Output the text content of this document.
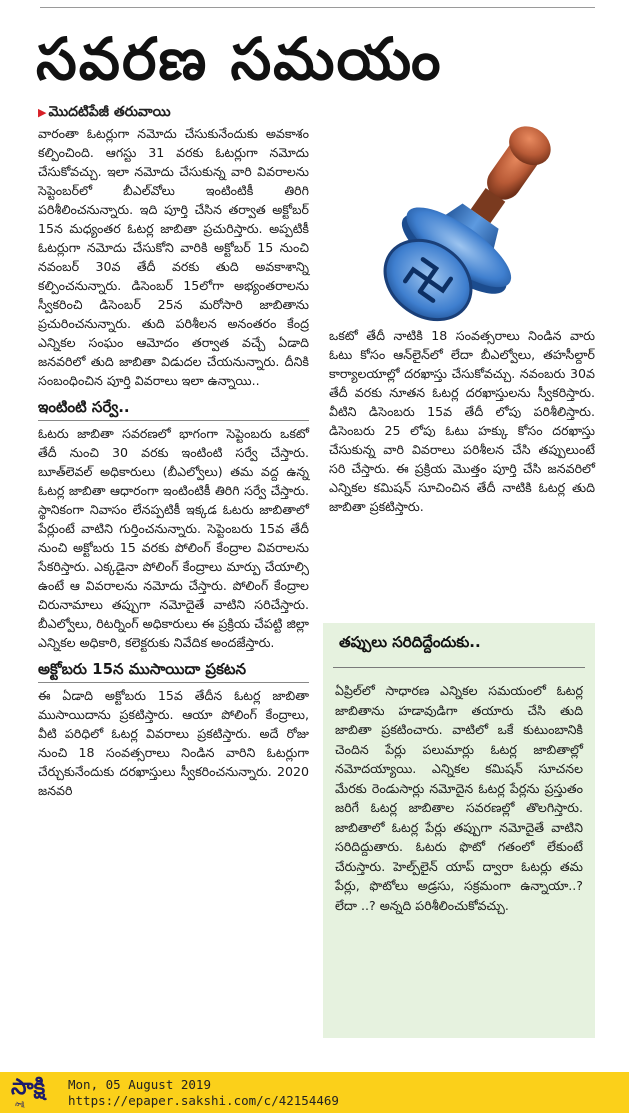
సవరణ సమయం
▶ మొదటిపేజీ తరువాయి

వారంతా ఓటర్లుగా నమోదు చేసుకునేందుకు అవకాశం కల్పించింది. ఆగస్టు 31 వరకు ఓటర్లుగా నమోదు చేసుకోవచ్చు. ఇలా నమోదు చేసుకున్న వారి వివరాలను సెప్టెంబర్‌లో బీఎల్‌వోలు ఇంటింటికీ తిరిగి పరిశీలించనున్నారు. ఇది పూర్తి చేసిన తర్వాత అక్టోబర్ 15న మధ్యంతర ఓటర్ల జాబితా ప్రచురిస్తారు. అప్పటికీ ఓటర్లుగా నమోదు చేసుకోని వారికి అక్టోబర్ 15 నుంచి నవంబర్ 30వ తేదీ వరకు తుది అవకాశాన్ని కల్పించనున్నారు. డిసెంబర్ 15లోగా అభ్యంతరాలను స్వీకరించి డిసెంబర్ 25న మరోసారి జాబితాను ప్రచురించనున్నారు. తుది పరిశీలన అనంతరం కేంద్ర ఎన్నికల సంఘం ఆమోదం తర్వాత వచ్చే ఏడాది జనవరిలో తుది జాబితా విడుదల చేయనున్నారు. దీనికి సంబంధించిన పూర్తి వివరాలు ఇలా ఉన్నాయి..

ఇంటింటి సర్వే..

ఓటరు జాబితా సవరణలో భాగంగా సెప్టెంబరు ఒకటో తేదీ నుంచి 30 వరకు ఇంటింటి సర్వే చేస్తారు. బూత్‌లెవల్ అధికారులు (బీఎల్వోలు) తమ వద్ద ఉన్న ఓటర్ల జాబితా ఆధారంగా ఇంటింటికీ తిరిగి సర్వే చేస్తారు. స్థానికంగా నివాసం లేనప్పటికీ ఇక్కడ ఓటరు జాబితాలో పేర్లుంటే వాటిని గుర్తించనున్నారు. సెప్టెంబరు 15వ తేదీ నుంచి అక్టోబరు 15 వరకు పోలింగ్ కేంద్రాల వివరాలను సేకరిస్తారు. ఎక్కడైనా పోలింగ్ కేంద్రాలు మార్పు చేయాల్సి ఉంటే ఆ వివరాలను నమోదు చేస్తారు. పోలింగ్ కేంద్రాల చిరునామాలు తప్పుగా నమోదైతే వాటిని సరిచేస్తారు. బీఎల్వోలు, రిటర్నింగ్ అధికారులు ఈ ప్రక్రియ చేపట్టి జిల్లా ఎన్నికల అధికారి, కలెక్టరుకు నివేదిక అందజేస్తారు.

అక్టోబరు 15న ముసాయిదా ప్రకటన

ఈ ఏడాది అక్టోబరు 15వ తేదీన ఓటర్ల జాబితా ముసాయిదాను ప్రకటిస్తారు. ఆయా పోలింగ్ కేంద్రాలు, వీటి పరిధిలో ఓటర్ల వివరాలు ప్రకటిస్తారు. అదే రోజు నుంచి 18 సంవత్సరాలు నిండిన వారిని ఓటర్లుగా చేర్చుకునేందుకు దరఖాస్తులు స్వీకరించనున్నారు. 2020 జనవరి

ఒకటో తేదీ నాటికి 18 సంవత్సరాలు నిండిన వారు ఓటు కోసం ఆన్‌లైన్‌లో లేదా బీఎల్వోలు, తహసీల్దార్ కార్యాలయాల్లో దరఖాస్తు చేసుకోవచ్చు. నవంబరు 30వ తేదీ వరకు నూతన ఓటర్ల దరఖాస్తులను స్వీకరిస్తారు. వీటిని డిసెంబరు 15వ తేదీ లోపు పరిశీలిస్తారు. డిసెంబరు 25 లోపు ఓటు హక్కు కోసం దరఖాస్తు చేసుకున్న వారి వివరాలు పరిశీలన చేసి తప్పులుంటే సరి చేస్తారు. ఈ ప్రక్రియ మొత్తం పూర్తి చేసి జనవరిలో ఎన్నికల కమిషన్ సూచించిన తేదీ నాటికి ఓటర్ల తుది జాబితా ప్రకటిస్తారు.

తప్పులు సరిదిద్దేందుకు..
ఏప్రిల్‌లో సాధారణ ఎన్నికల సమయంలో ఓటర్ల జాబితాను హడావుడిగా తయారు చేసి తుది జాబితా ప్రకటించారు. వాటిలో ఒకే కుటుంబానికి చెందిన పేర్లు పలుమార్లు ఓటర్ల జాబితాల్లో నమోదయ్యాయి. ఎన్నికల కమిషన్ సూచనల మేరకు రెండుసార్లు నమోదైన ఓటర్ల పేర్లను ప్రస్తుతం జరిగే ఓటర్ల జాబితాల సవరణల్లో తొలగిస్తారు. జాబితాలో ఓటర్ల పేర్లు తప్పుగా నమోదైతే వాటిని సరిదిద్దుతారు. ఓటరు ఫొటో గతంలో లేకుంటే చేరుస్తారు. హెల్ప్‌లైన్ యాప్ ద్వారా ఓటర్లు తమ పేర్లు, ఫొటోలు అడ్రసు, సక్రమంగా ఉన్నాయా..? లేదా ..? అన్నది పరిశీలించుకోవచ్చు.
సాక్షి
సాక్షి
Mon, 05 August 2019
https://epaper.sakshi.com/c/42154469
